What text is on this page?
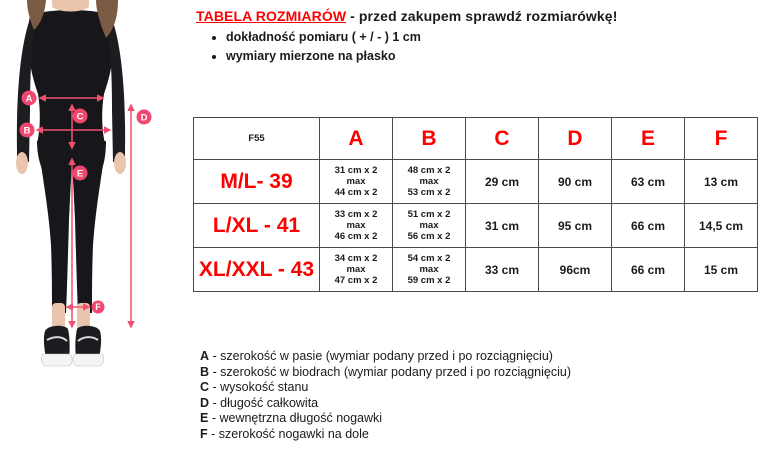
A
B
C	D
E
F
TABELA ROZMIARÓW - przed zakupem sprawdź rozmiarówkę!
• dokładność pomiaru ( + / - ) 1 cm
• wymiary mierzone na płasko
F55	A	B	C	D	E	F
M/L- 39	31 cm x 2
max
44 cm x 2	48 cm x 2
max
53 cm x 2	29 cm	90 cm	63 cm	13 cm
L/XL - 41	33 cm x 2
max
46 cm x 2	51 cm x 2
max
56 cm x 2	31 cm	95 cm	66 cm	14,5 cm
XL/XXL - 43	34 cm x 2
max
47 cm x 2	54 cm x 2
max
59 cm x 2	33 cm	96cm	66 cm	15 cm
A - szerokość w pasie (wymiar podany przed i po rozciągnięciu)
B - szerokość w biodrach (wymiar podany przed i po rozciągnięciu)
C - wysokość stanu
D - długość całkowita
E - wewnętrzna długość nogawki
F - szerokość nogawki na dole
